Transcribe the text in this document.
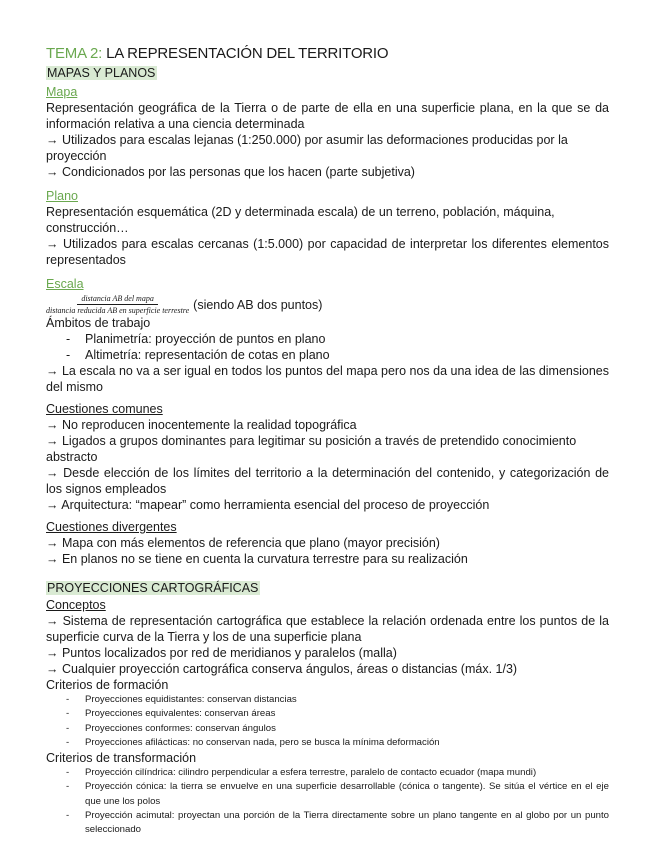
TEMA 2: LA REPRESENTACIÓN DEL TERRITORIO
MAPAS Y PLANOS
Mapa

Representación geográfica de la Tierra o de parte de ella en una superficie plana, en la que se da información relativa a una ciencia determinada

→ Utilizados para escalas lejanas (1:250.000) por asumir las deformaciones producidas por la proyección

→ Condicionados por las personas que los hacen (parte subjetiva)

Plano

Representación esquemática (2D y determinada escala) de un terreno, población, máquina, construcción…

→ Utilizados para escalas cercanas (1:5.000) por capacidad de interpretar los diferentes elementos representados

Escala
$\frac{\text{distancia AB del mapa}}{\text{distancia reducida AB en superficie terrestre}}$ (siendo AB dos puntos)

Ámbitos de trabajo

- Planimetría: proyección de puntos en plano
- Altimetría: representación de cotas en plano

→ La escala no va a ser igual en todos los puntos del mapa pero nos da una idea de las dimensiones del mismo

Cuestiones comunes

→ No reproducen inocentemente la realidad topográfica

→ Ligados a grupos dominantes para legitimar su posición a través de pretendido conocimiento abstracto

→ Desde elección de los límites del territorio a la determinación del contenido, y categorización de los signos empleados

→ Arquitectura: “mapear” como herramienta esencial del proceso de proyección

Cuestiones divergentes

→ Mapa con más elementos de referencia que plano (mayor precisión)

→ En planos no se tiene en cuenta la curvatura terrestre para su realización

PROYECCIONES CARTOGRÁFICAS
Conceptos

→ Sistema de representación cartográfica que establece la relación ordenada entre los puntos de la superficie curva de la Tierra y los de una superficie plana

→ Puntos localizados por red de meridianos y paralelos (malla)

→ Cualquier proyección cartográfica conserva ángulos, áreas o distancias (máx. 1/3)

Criterios de formación

- Proyecciones equidistantes: conservan distancias
- Proyecciones equivalentes: conservan áreas
- Proyecciones conformes: conservan ángulos
- Proyecciones afilácticas: no conservan nada, pero se busca la mínima deformación

Criterios de transformación

- Proyección cilíndrica: cilindro perpendicular a esfera terrestre, paralelo de contacto ecuador (mapa mundi)
- Proyección cónica: la tierra se envuelve en una superficie desarrollable (cónica o tangente). Se sitúa el vértice en el eje que une los polos
- Proyección acimutal: proyectan una porción de la Tierra directamente sobre un plano tangente en al globo por un punto seleccionado
